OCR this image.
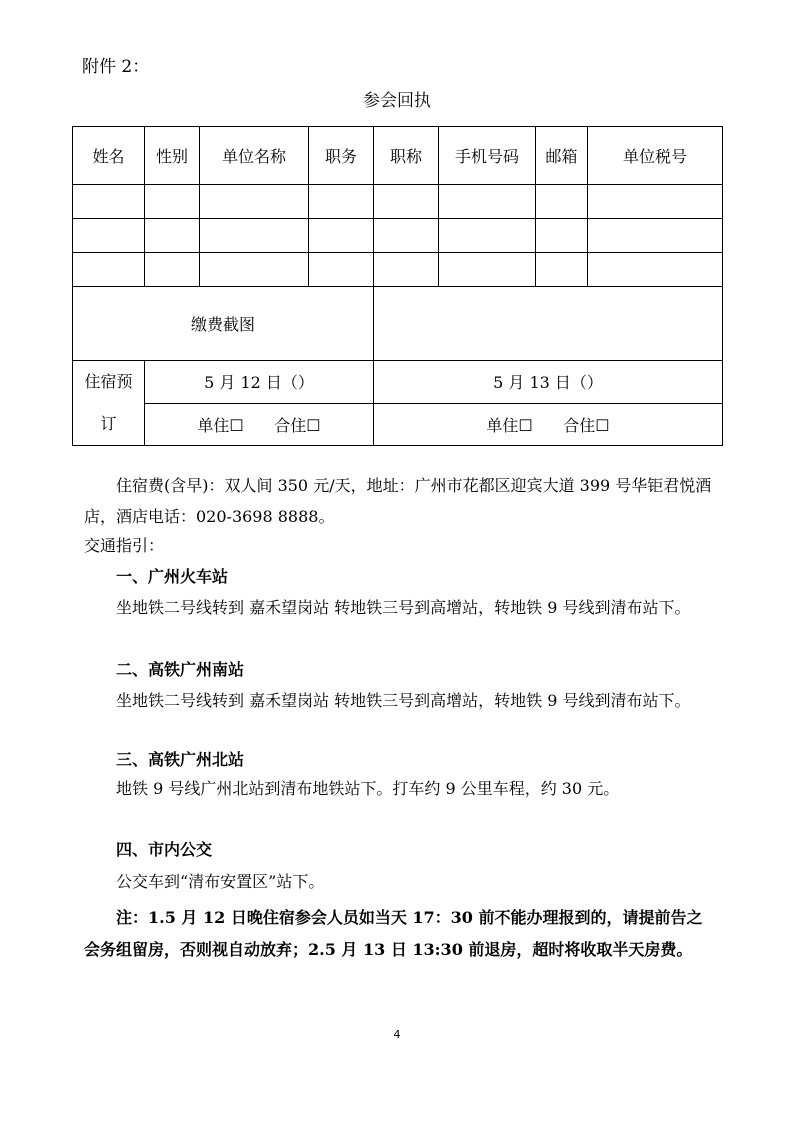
附件 2：
参会回执
姓名	性别	单位名称	职务	职称	手机号码	邮箱	单位税号

缴费截图							

住宿预
订	5 月 12 日（）			5 月 13 日（）			
	单住☐ 合住☐			单住☐ 合住☐			

住宿费(含早)：双人间 350 元/天，地址：广州市花都区迎宾大道 399 号华钜君悦酒店，酒店电话：020-3698 8888。

交通指引：

一、广州火车站

坐地铁二号线转到 嘉禾望岗站 转地铁三号到高增站，转地铁 9 号线到清布站下。

二、高铁广州南站

坐地铁二号线转到 嘉禾望岗站 转地铁三号到高增站，转地铁 9 号线到清布站下。

三、高铁广州北站

地铁 9 号线广州北站到清布地铁站下。打车约 9 公里车程，约 30 元。

四、市内公交

公交车到“清布安置区”站下。

注：1.5 月 12 日晚住宿参会人员如当天 17：30 前不能办理报到的，请提前告之会务组留房，否则视自动放弃；2.5 月 13 日 13:30 前退房，超时将收取半天房费。

4
